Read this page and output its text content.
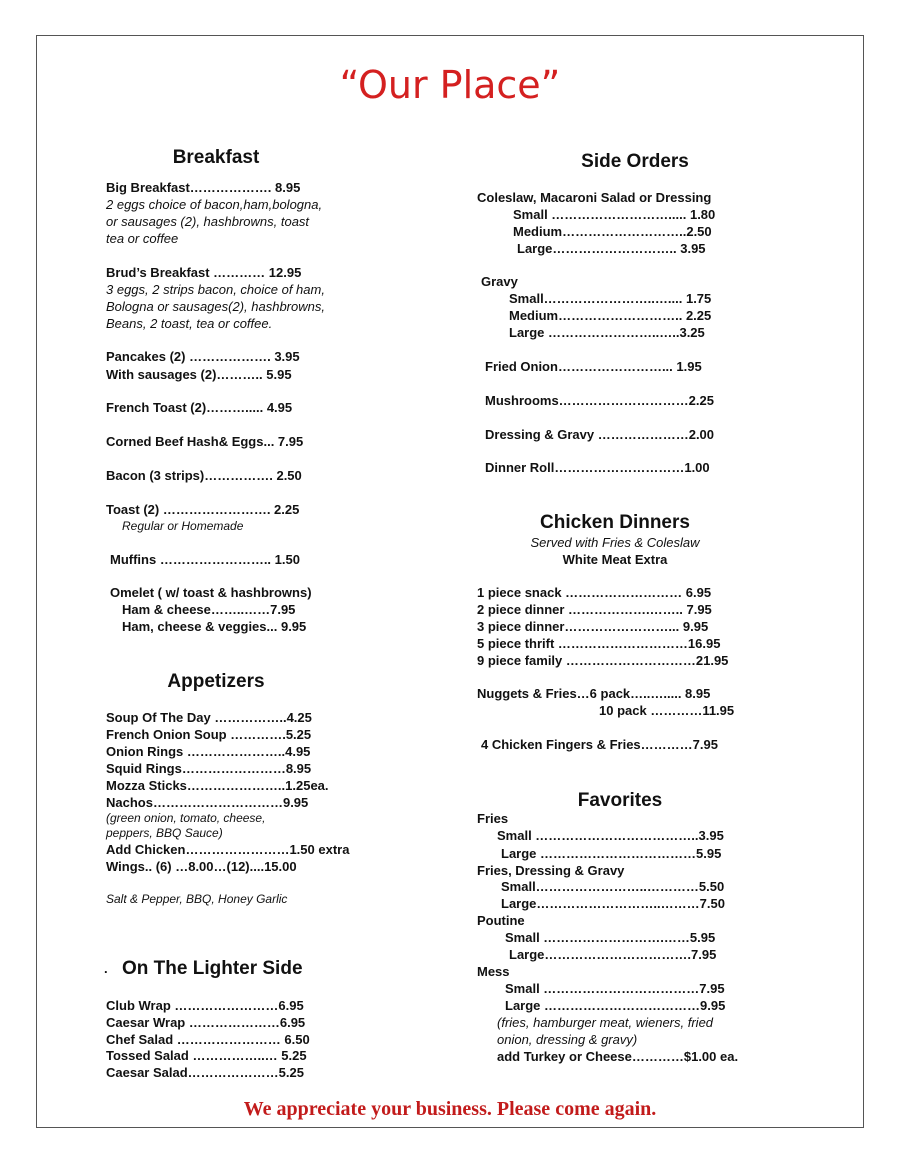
“Our Place”
Breakfast
Appetizers
. On The Lighter Side
Side Orders
Chicken Dinners
Served with Fries & Coleslaw
White Meat Extra
Favorites
Big Breakfast………………. 8.95
2 eggs choice of bacon,ham,bologna,
or sausages (2), hashbrowns, toast
tea or coffee
Brud’s Breakfast ………… 12.95
3 eggs, 2 strips bacon, choice of ham,
Bologna or sausages(2), hashbrowns,
Beans, 2 toast, tea or coffee.
Pancakes (2) ………………. 3.95
With sausages (2)……….. 5.95
French Toast (2)………..... 4.95
Corned Beef Hash& Eggs... 7.95
Bacon (3 strips)……………. 2.50
Toast (2) ……………………. 2.25
Regular or Homemade
Muffins …………………….. 1.50
Omelet ( w/ toast & hashbrowns)
Ham & cheese……..……7.95
Ham, cheese & veggies... 9.95
Soup Of The Day ……………..4.25
French Onion Soup ………….5.25
Onion Rings …………………..4.95
Squid Rings……………………8.95
Mozza Sticks…………………..1.25ea.
Nachos…………………………9.95
(green onion, tomato, cheese,
peppers, BBQ Sauce)
Add Chicken……………………1.50 extra
Wings.. (6) …8.00…(12)....15.00
Salt & Pepper, BBQ, Honey Garlic
Club Wrap ……………………6.95
Caesar Wrap …………………6.95
Chef Salad …………………… 6.50
Tossed Salad ……………..… 5.25
Caesar Salad…………………5.25
Coleslaw, Macaroni Salad or Dressing
Small ………………………..... 1.80
Medium………………………..2.50
Large……………………….. 3.95
Gravy
Small……………………..….... 1.75
Medium……………………….. 2.25
Large ……………………..…..3.25
Fried Onion……………………... 1.95
Mushrooms…………………………2.25
Dressing & Gravy …………………2.00
Dinner Roll…………………………1.00
1 piece snack ……………………… 6.95
2 piece dinner ……………….…….. 7.95
3 piece dinner……………………... 9.95
5 piece thrift …………………………16.95
9 piece family …………………………21.95
Nuggets & Fries…6 pack…..…..... 8.95
10 pack …………11.95
4 Chicken Fingers & Fries…………7.95
Fries
Small ………………………………..3.95
Large ………………………………5.95
Fries, Dressing & Gravy
Small……………………..…………5.50
Large………………………..………7.50
Poutine
Small ……………………….……5.95
Large…………………………….7.95
Mess
Small ………………………………7.95
Large ………………………………9.95
(fries, hamburger meat, wieners, fried
onion, dressing & gravy)
add Turkey or Cheese…………$1.00 ea.
We appreciate your business. Please come again.
